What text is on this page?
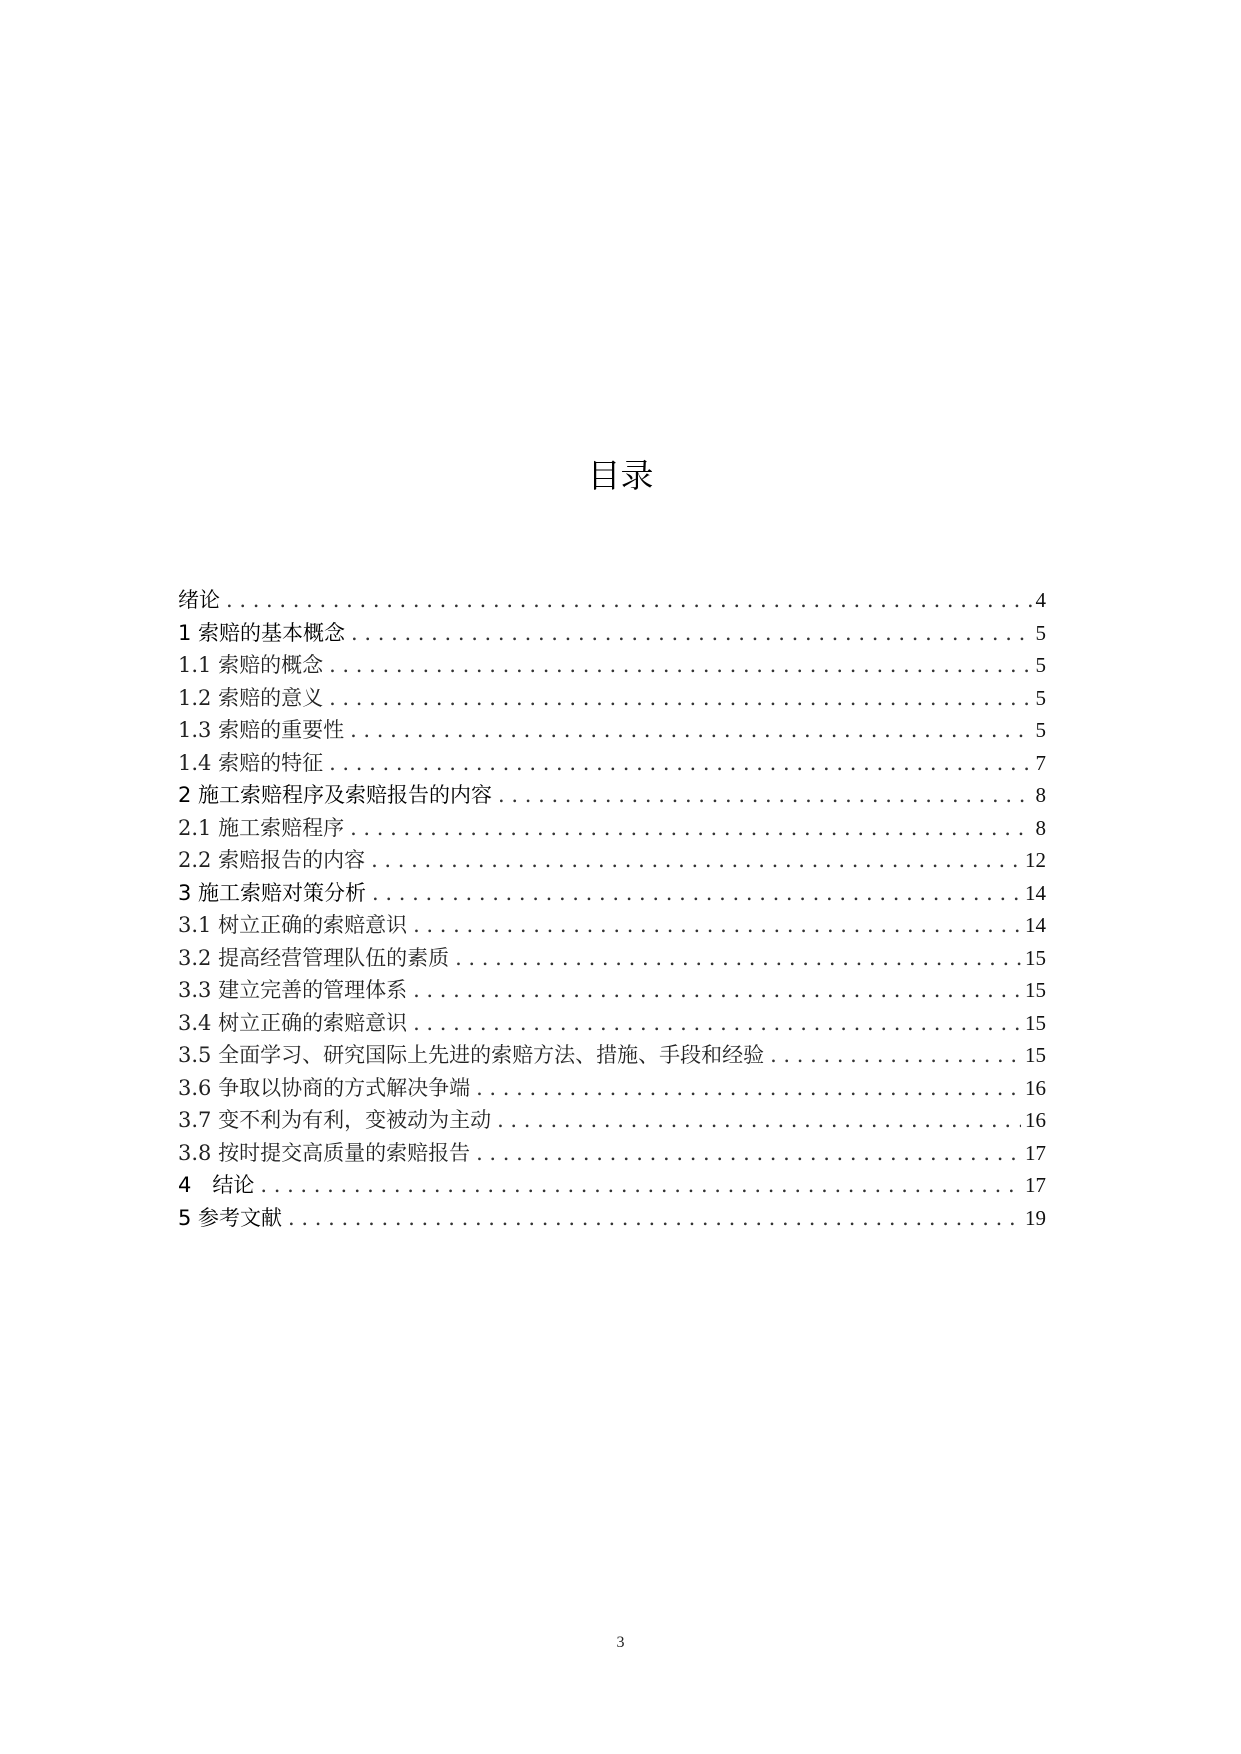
目录
绪论 . . .	4
1 索赔的基本概念 . . .	5
1.1 索赔的概念 . . .	5
1.2 索赔的意义 . . .	5
1.3 索赔的重要性 . . .	5
1.4 索赔的特征 . . .	7
2 施工索赔程序及索赔报告的内容 . . .	8
2.1 施工索赔程序 . . .	8
2.2 索赔报告的内容 . . .	12
3 施工索赔对策分析 . . .	14
3.1 树立正确的索赔意识 . . .	14
3.2 提高经营管理队伍的素质 . . .	15
3.3 建立完善的管理体系 . . .	15
3.4 树立正确的索赔意识 . . .	15
3.5 全面学习、研究国际上先进的索赔方法、措施、手段和经验 . . .	15
3.6 争取以协商的方式解决争端 . . .	16
3.7 变不利为有利，变被动为主动 . . .	16
3.8 按时提交高质量的索赔报告 . . .	17
4　结论 . . .	17
5 参考文献 . . .	19
3
